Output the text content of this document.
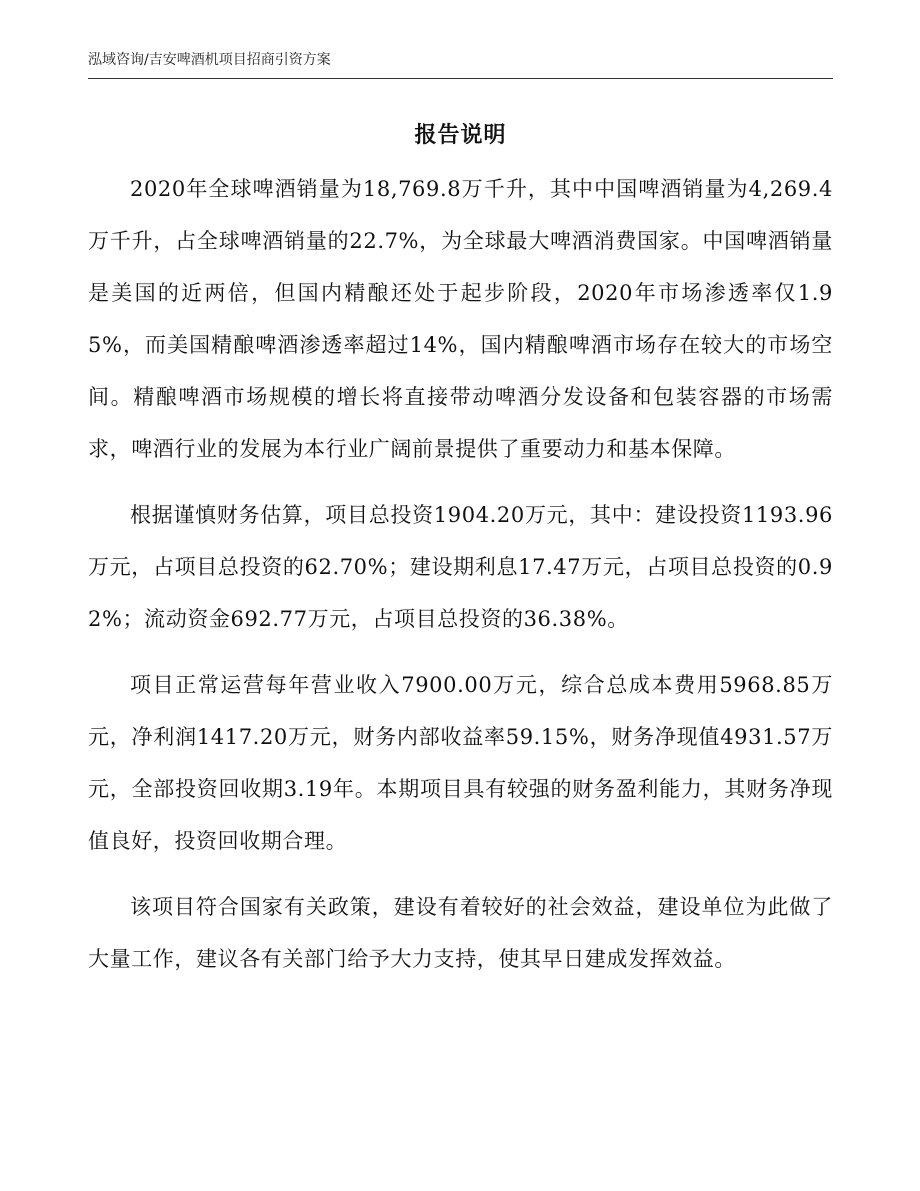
泓域咨询/吉安啤酒机项目招商引资方案
报告说明

2020年全球啤酒销量为18,769.8万千升，其中中国啤酒销量为4,269.4万千升，占全球啤酒销量的22.7%，为全球最大啤酒消费国家。中国啤酒销量是美国的近两倍，但国内精酿还处于起步阶段，2020年市场渗透率仅1.95%，而美国精酿啤酒渗透率超过14%，国内精酿啤酒市场存在较大的市场空间。精酿啤酒市场规模的增长将直接带动啤酒分发设备和包装容器的市场需求，啤酒行业的发展为本行业广阔前景提供了重要动力和基本保障。

根据谨慎财务估算，项目总投资1904.20万元，其中：建设投资1193.96万元，占项目总投资的62.70%；建设期利息17.47万元，占项目总投资的0.92%；流动资金692.77万元，占项目总投资的36.38%。

项目正常运营每年营业收入7900.00万元，综合总成本费用5968.85万元，净利润1417.20万元，财务内部收益率59.15%，财务净现值4931.57万元，全部投资回收期3.19年。本期项目具有较强的财务盈利能力，其财务净现值良好，投资回收期合理。

该项目符合国家有关政策，建设有着较好的社会效益，建设单位为此做了大量工作，建议各有关部门给予大力支持，使其早日建成发挥效益。
